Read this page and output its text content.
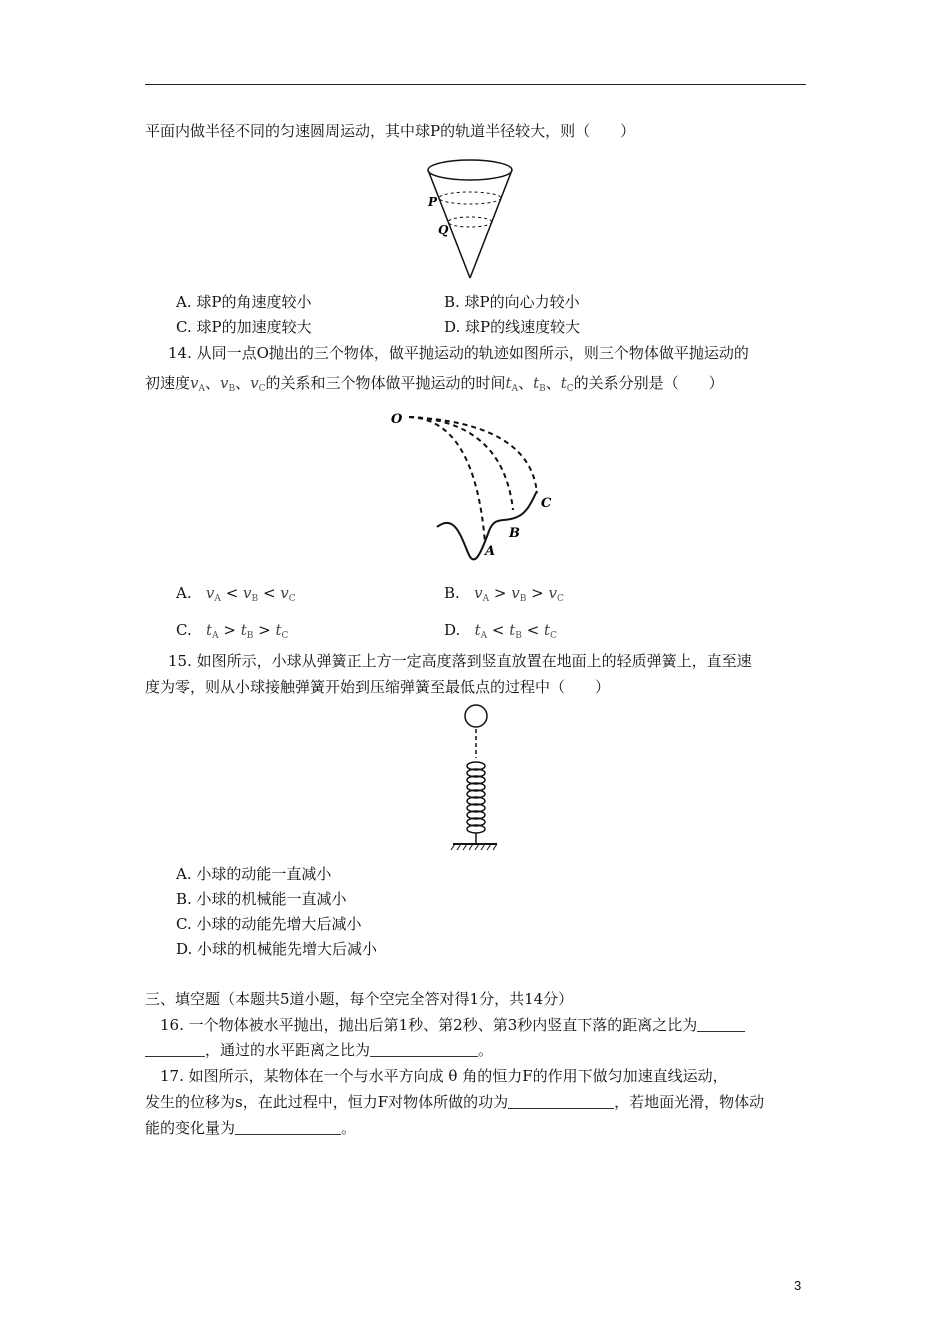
平面内做半径不同的匀速圆周运动，其中球P的轨道半径较大，则（　　）
P
Q
A. 球P的角速度较小	B. 球P的向心力较小
C. 球P的加速度较大	D. 球P的线速度较大
14. 从同一点O抛出的三个物体，做平抛运动的轨迹如图所示，则三个物体做平抛运动的
初速度$v_A$、$v_B$、$v_C$的关系和三个物体做平抛运动的时间$t_A$、$t_B$、$t_C$的关系分别是（　　）
O
A
B
C
A. $v_A < v_B < v_C$	B. $v_A > v_B > v_C$
C. $t_A > t_B > t_C$	D. $t_A < t_B < t_C$
15. 如图所示，小球从弹簧正上方一定高度落到竖直放置在地面上的轻质弹簧上，直至速
度为零，则从小球接触弹簧开始到压缩弹簧至最低点的过程中（　　）
A. 小球的动能一直减小
B. 小球的机械能一直减小
C. 小球的动能先增大后减小
D. 小球的机械能先增大后减小
三、填空题（本题共5道小题，每个空完全答对得1分，共14分）
16. 一个物体被水平抛出，抛出后第1秒、第2秒、第3秒内竖直下落的距离之比为
，通过的水平距离之比为	。
17. 如图所示，某物体在一个与水平方向成 θ 角的恒力F的作用下做匀加速直线运动，
发生的位移为s，在此过程中，恒力F对物体所做的功为	，若地面光滑，物体动
能的变化量为	。
3
